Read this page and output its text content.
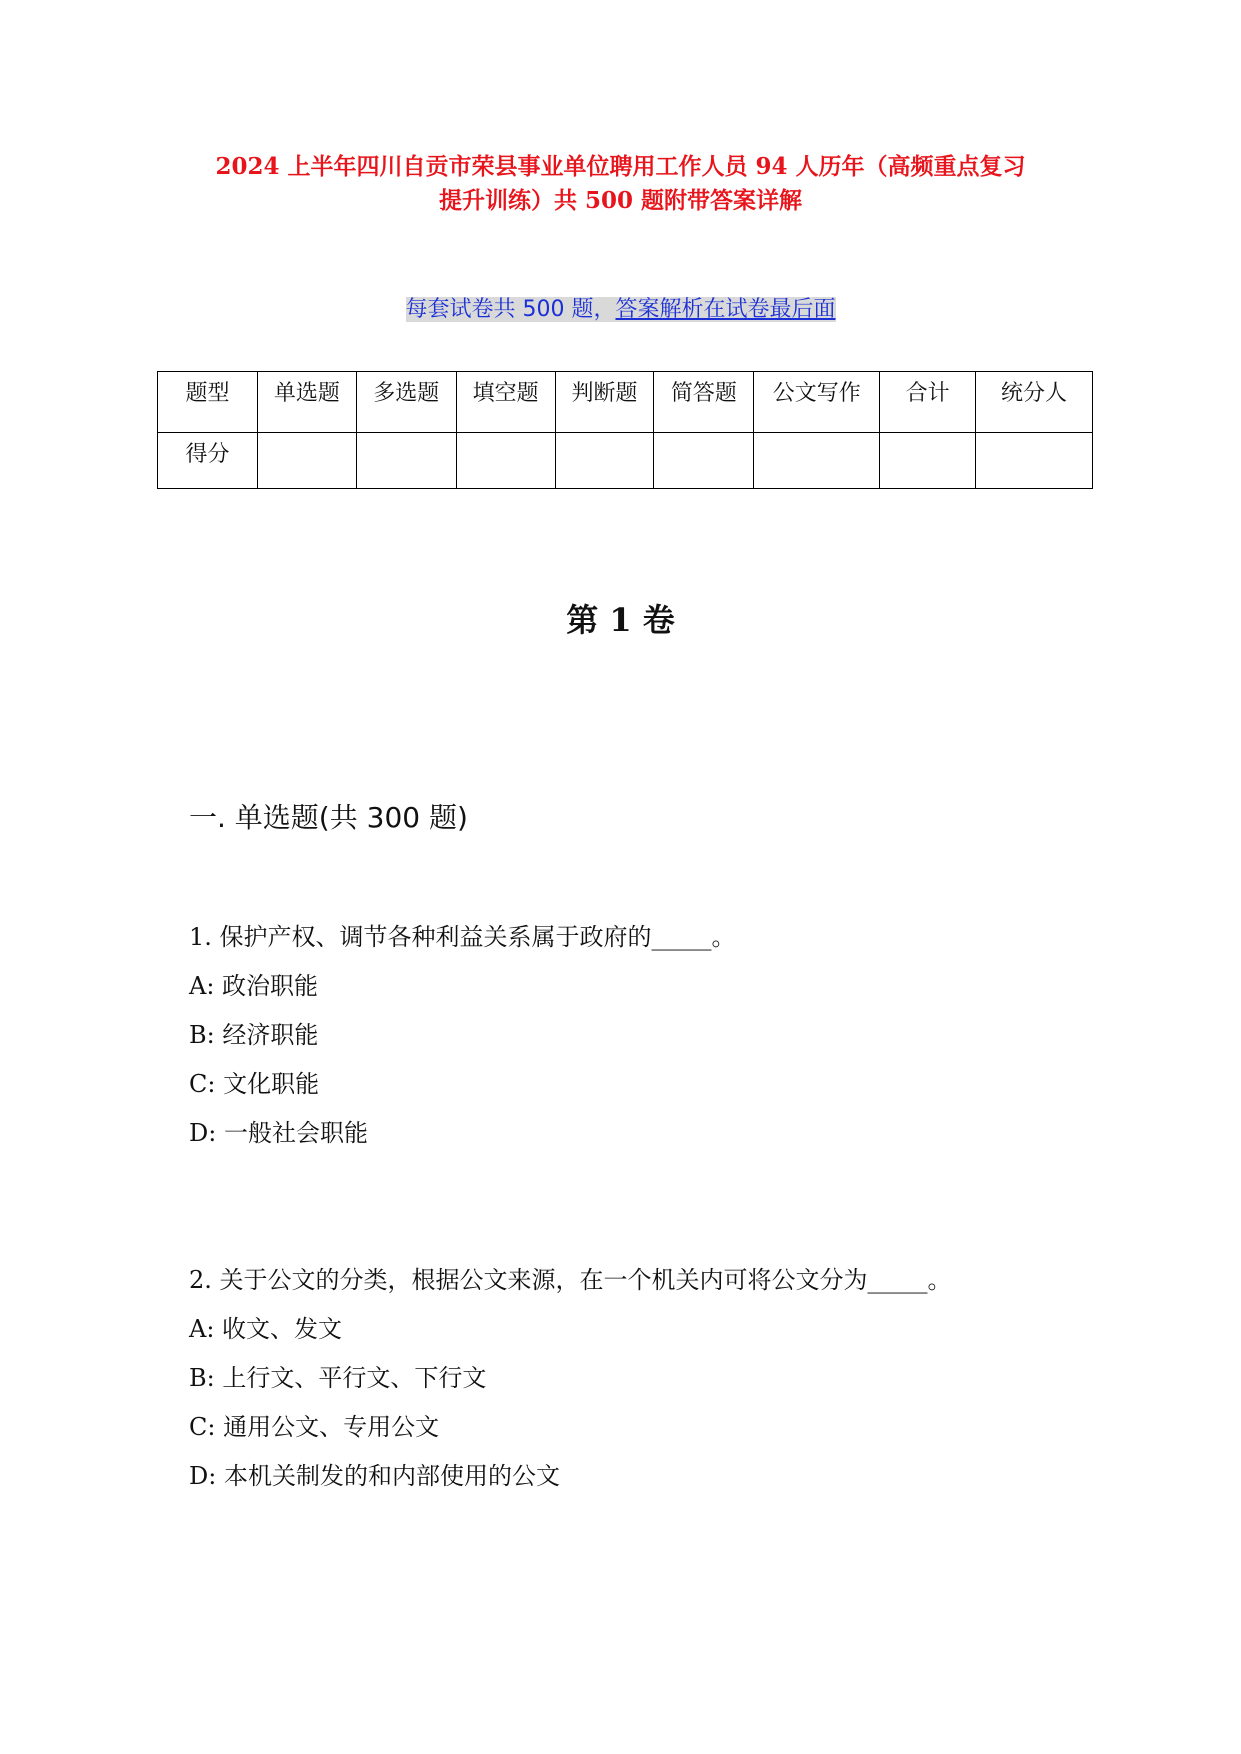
2024 上半年四川自贡市荣县事业单位聘用工作人员 94 人历年（高频重点复习
提升训练）共 500 题附带答案详解
每套试卷共 500 题，答案解析在试卷最后面
题型	单选题	多选题	填空题	判断题	简答题	公文写作	合计	统分人
得分								
第 1 卷
一. 单选题(共 300 题)
1. 保护产权、调节各种利益关系属于政府的_____。
A: 政治职能
B: 经济职能
C: 文化职能
D: 一般社会职能
2. 关于公文的分类，根据公文来源，在一个机关内可将公文分为_____。
A: 收文、发文
B: 上行文、平行文、下行文
C: 通用公文、专用公文
D: 本机关制发的和内部使用的公文
